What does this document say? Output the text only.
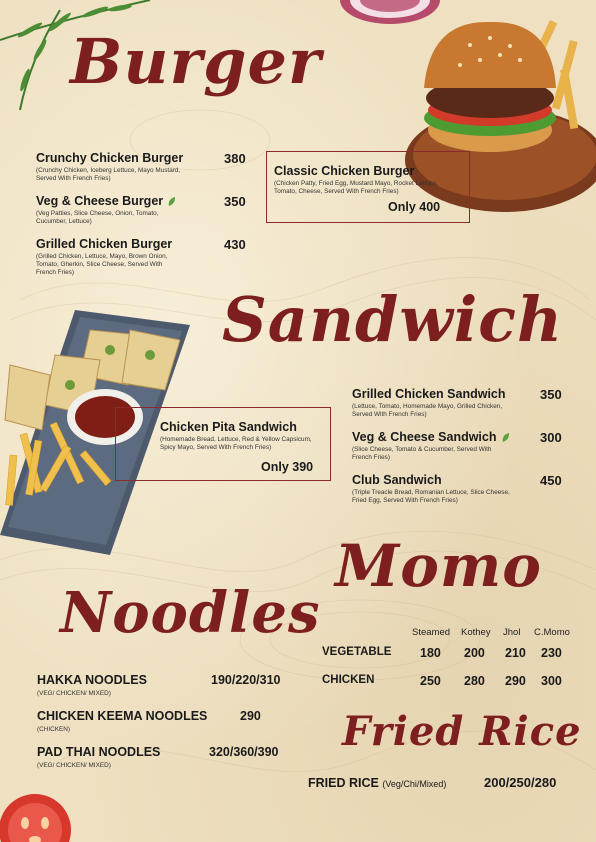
Burger
Crunchy Chicken Burger
(Crunchy Chicken, Iceberg Lettuce, Mayo Mustard, Served With French Fries)
380
Veg & Cheese Burger
(Veg Patties, Slice Cheese, Onion, Tomato, Cucumber, Lettuce)
350
Grilled Chicken Burger
(Grilled Chicken, Lettuce, Mayo, Brown Onion, Tomato, Gherkin, Slice Cheese, Served With French Fries)
430
Classic Chicken Burger
(Chicken Patty, Fried Egg, Mustard Mayo, Rocket Lettuce, Tomato, Cheese, Served With French Fries)
Only 400
Sandwich
Grilled Chicken Sandwich
(Lettuce, Tomato, Homemade Mayo, Grilled Chicken, Served With French Fries)
350
Veg & Cheese Sandwich
(Slice Cheese, Tomato & Cucumber, Served With French Fries)
300
Club Sandwich
(Triple Treacle Bread, Romanian Lettuce, Slice Cheese, Fried Egg, Served With French Fries)
450
Chicken Pita Sandwich
(Homemade Bread, Lettuce, Red & Yellow Capsicum, Spicy Mayo, Served With French Fries)
Only 390
Momo
Steamed Kothey Jhol C.Momo
VEGETABLE 180 200 210 230
CHICKEN	250 280 290 300
Noodles
HAKKA NOODLES
(VEG/ CHICKEN/ MIXED)
190/220/310
CHICKEN KEEMA NOODLES
(CHICKEN)
290
PAD THAI NOODLES
(VEG/ CHICKEN/ MIXED)
320/360/390 Fried Rice
FRIED RICE (Veg/Chi/Mixed)	200/250/280
